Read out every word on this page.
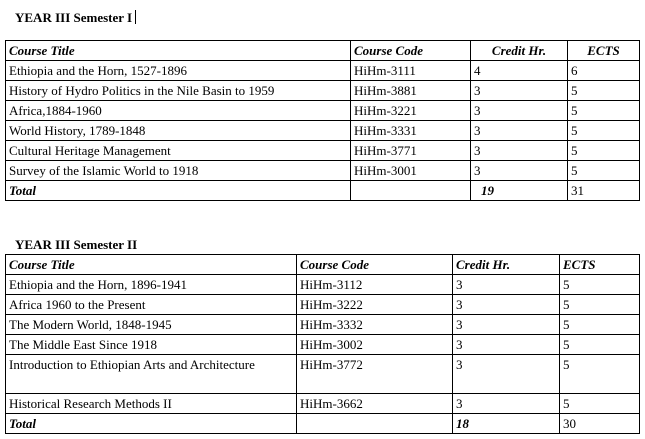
YEAR III Semester I
Course Title	Course Code	Credit Hr.	ECTS
Ethiopia and the Horn, 1527-1896	HiHm-3111	4	6
History of Hydro Politics in the Nile Basin to 1959	HiHm-3881	3	5
Africa,1884-1960	HiHm-3221	3	5
World History, 1789-1848	HiHm-3331	3	5
Cultural Heritage Management	HiHm-3771	3	5
Survey of the Islamic World to 1918	HiHm-3001	3	5
Total		19	31
YEAR III Semester II
Course Title	Course Code	Credit Hr.	ECTS
Ethiopia and the Horn, 1896-1941	HiHm-3112	3	5
Africa 1960 to the Present	HiHm-3222	3	5
The Modern World, 1848-1945	HiHm-3332	3	5
The Middle East Since 1918	HiHm-3002	3	5
Introduction to Ethiopian Arts and Architecture	HiHm-3772	3	5
Historical Research Methods II	HiHm-3662	3	5
Total		18	30
